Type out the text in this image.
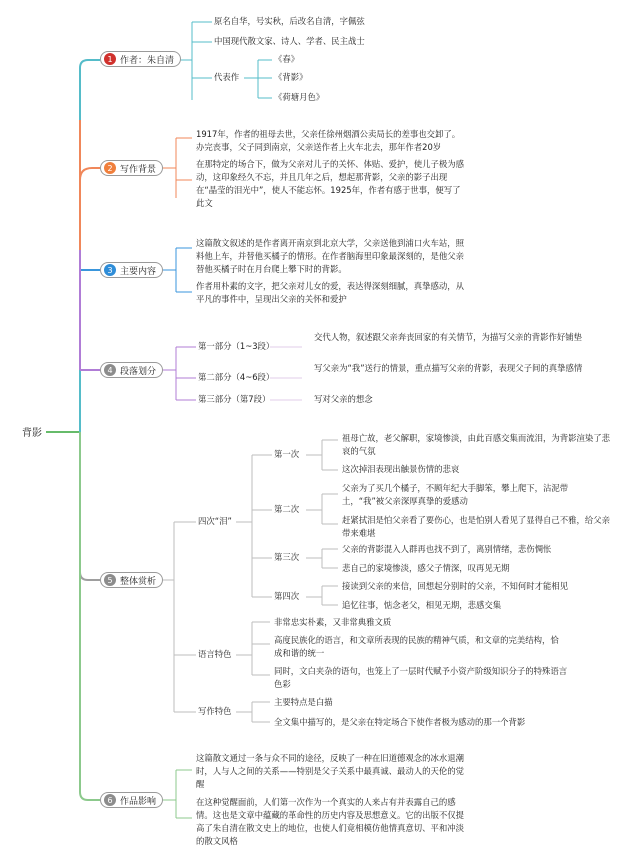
背影
1 作者：朱自清
原名自华，号实秋，后改名自清，字佩弦
中国现代散文家、诗人、学者、民主战士
代表作
《春》
《背影》
《荷塘月色》
2 写作背景
1917年，作者的祖母去世，父亲任徐州烟酒公卖局长的差事也交卸了。办完丧事，父子同到南京，父亲送作者上火车北去，那年作者20岁
在那特定的场合下，做为父亲对儿子的关怀、体贴、爱护，使儿子极为感动，这印象经久不忘，并且几年之后，想起那背影，父亲的影子出现在“晶莹的泪光中”，使人不能忘怀。1925年，作者有感于世事，便写了此文
3 主要内容
这篇散文叙述的是作者离开南京到北京大学，父亲送他到浦口火车站，照料他上车，并替他买橘子的情形。在作者脑海里印象最深刻的，是他父亲替他买橘子时在月台爬上攀下时的背影。
作者用朴素的文字，把父亲对儿女的爱，表达得深刻细腻，真挚感动，从平凡的事件中，呈现出父亲的关怀和爱护
4 段落划分
第一部分（1~3段）
交代人物，叙述跟父亲奔丧回家的有关情节，为描写父亲的背影作好铺垫
第二部分（4~6段）
写父亲为“我”送行的情景，重点描写父亲的背影，表现父子间的真挚感情
第三部分（第7段）	写对父亲的想念
5 整体赏析
四次“泪”
第一次
祖母亡故，老父解职，家境惨淡，由此百感交集而流泪，为背影渲染了悲哀的气氛
这次掉泪表现出触景伤情的悲哀
第二次
父亲为了买几个橘子，不顾年纪大手脚笨，攀上爬下，沾泥带土，“我”被父亲深厚真挚的爱感动
赶紧拭泪是怕父亲看了要伤心，也是怕别人看见了显得自己不雅，给父亲带来难堪
第三次
父亲的背影混入人群再也找不到了，离别情绪，悲伤惆怅
悲自己的家境惨淡，感父子情深，叹再见无期
第四次
接读到父亲的来信，回想起分别时的父亲，不知何时才能相见
追忆往事，惦念老父，相见无期，悲感交集
语言特色
非常忠实朴素，又非常典雅文质
高度民族化的语言，和文章所表现的民族的精神气质，和文章的完美结构，恰成和谐的统一
同时，文白夹杂的语句，也笼上了一层时代赋予小资产阶级知识分子的特殊语言色彩
写作特色
主要特点是白描
全文集中描写的，是父亲在特定场合下使作者极为感动的那一个背影
6 作品影响
这篇散文通过一条与众不同的途径，反映了一种在旧道德观念的冰水退潮时，人与人之间的关系——特别是父子关系中最真诚、最动人的天伦的觉醒
在这种觉醒面前，人们第一次作为一个真实的人来占有并表露自己的感情。这也是文章中蕴藏的革命性的历史内容及思想意义。它的出版不仅提高了朱自清在散文史上的地位，也使人们竟相模仿他情真意切、平和冲淡的散文风格
